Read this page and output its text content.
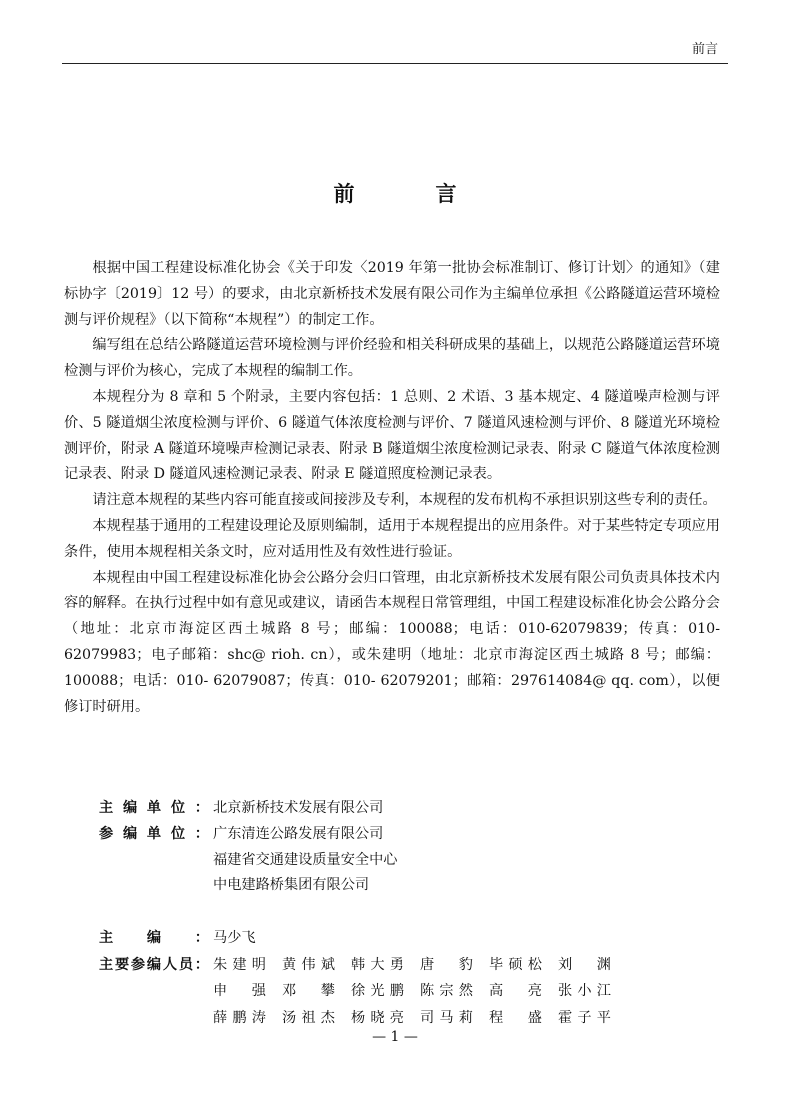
前言
前　言

根据中国工程建设标准化协会《关于印发〈2019 年第一批协会标准制订、修订计划〉的通知》（建标协字〔2019〕12 号）的要求，由北京新桥技术发展有限公司作为主编单位承担《公路隧道运营环境检测与评价规程》（以下简称“本规程”）的制定工作。

编写组在总结公路隧道运营环境检测与评价经验和相关科研成果的基础上，以规范公路隧道运营环境检测与评价为核心，完成了本规程的编制工作。

本规程分为 8 章和 5 个附录，主要内容包括：1 总则、2 术语、3 基本规定、4 隧道噪声检测与评价、5 隧道烟尘浓度检测与评价、6 隧道气体浓度检测与评价、7 隧道风速检测与评价、8 隧道光环境检测评价，附录 A 隧道环境噪声检测记录表、附录 B 隧道烟尘浓度检测记录表、附录 C 隧道气体浓度检测记录表、附录 D 隧道风速检测记录表、附录 E 隧道照度检测记录表。

请注意本规程的某些内容可能直接或间接涉及专利，本规程的发布机构不承担识别这些专利的责任。

本规程基于通用的工程建设理论及原则编制，适用于本规程提出的应用条件。对于某些特定专项应用条件，使用本规程相关条文时，应对适用性及有效性进行验证。

本规程由中国工程建设标准化协会公路分会归口管理，由北京新桥技术发展有限公司负责具体技术内容的解释。在执行过程中如有意见或建议，请函告本规程日常管理组，中国工程建设标准化协会公路分会（地址：北京市海淀区西土城路 8 号；邮编：100088；电话：010-62079839；传真：010-62079983；电子邮箱：shc@ rioh. cn），或朱建明（地址：北京市海淀区西土城路 8 号；邮编：100088；电话：010- 62079087；传真：010- 62079201；邮箱：297614084@ qq. com），以便修订时研用。

主编单位： 北京新桥技术发展有限公司
参编单位： 广东清连公路发展有限公司
福建省交通建设质量安全中心
中电建路桥集团有限公司
主编： 马少飞
主要参编人员： 朱建明	黄伟斌	韩大勇	唐豹	毕硕松	刘渊
申强	邓攀	徐光鹏	陈宗然	高亮	张小江
薛鹏涛	汤祖杰	杨晓亮	司马莉	程盛	霍子平
— 1 —
